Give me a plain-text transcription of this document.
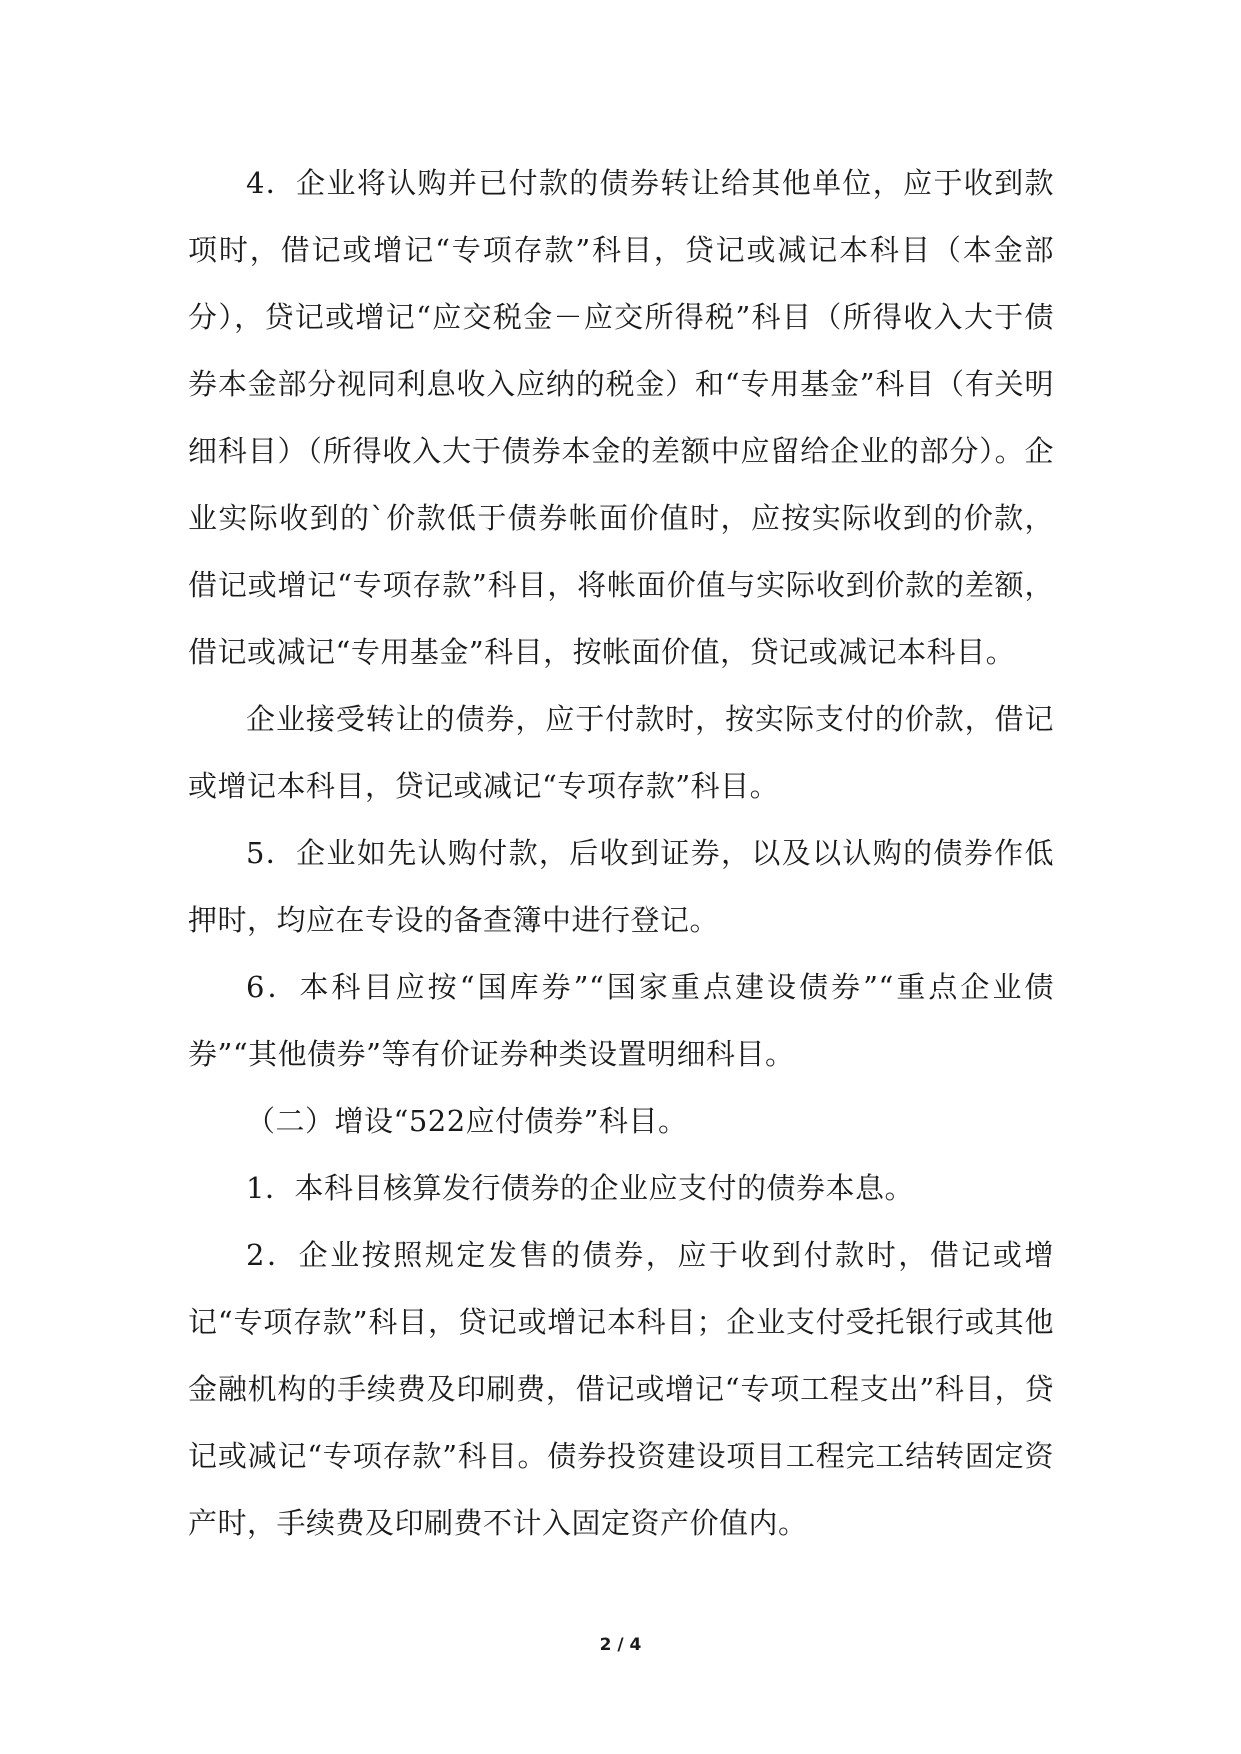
4．企业将认购并已付款的债券转让给其他单位，应于收到款项时，借记或增记“专项存款”科目，贷记或减记本科目（本金部分），贷记或增记“应交税金－应交所得税”科目（所得收入大于债券本金部分视同利息收入应纳的税金）和“专用基金”科目（有关明细科目）（所得收入大于债券本金的差额中应留给企业的部分）。企业实际收到的`价款低于债券帐面价值时，应按实际收到的价款，借记或增记“专项存款”科目，将帐面价值与实际收到价款的差额，借记或减记“专用基金”科目，按帐面价值，贷记或减记本科目。

企业接受转让的债券，应于付款时，按实际支付的价款，借记或增记本科目，贷记或减记“专项存款”科目。

5．企业如先认购付款，后收到证券，以及以认购的债券作低押时，均应在专设的备查簿中进行登记。

6．本科目应按“国库券”“国家重点建设债券”“重点企业债券”“其他债券”等有价证券种类设置明细科目。

（二）增设“522应付债券”科目。

1．本科目核算发行债券的企业应支付的债券本息。

2．企业按照规定发售的债券，应于收到付款时，借记或增记“专项存款”科目，贷记或增记本科目；企业支付受托银行或其他金融机构的手续费及印刷费，借记或增记“专项工程支出”科目，贷记或减记“专项存款”科目。债券投资建设项目工程完工结转固定资产时，手续费及印刷费不计入固定资产价值内。

2 / 4
